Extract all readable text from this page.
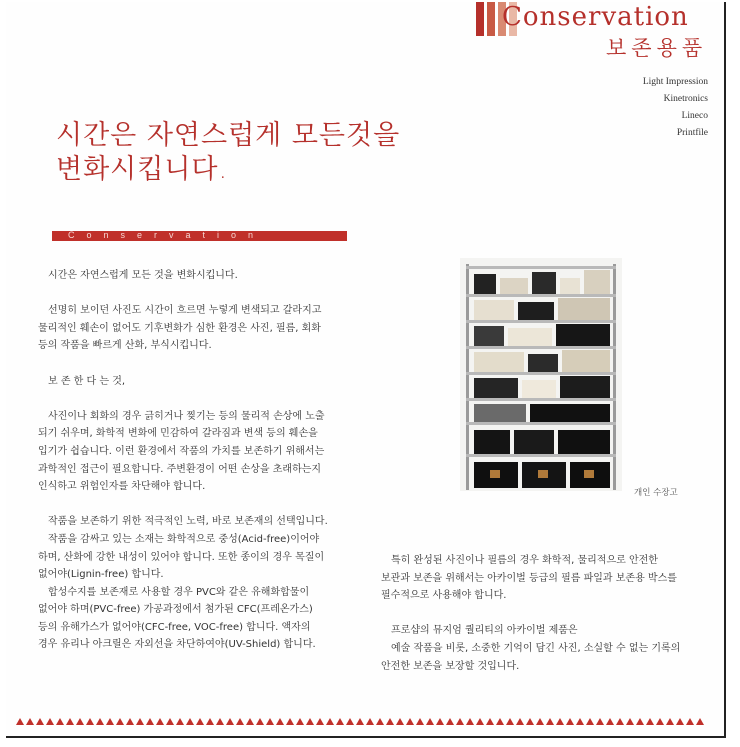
Conservation
보존용품
Light Impression
Kinetronics
Lineco
Printfile
시간은 자연스럽게 모든것을
변화시킵니다.
Conservation

시간은 자연스럽게 모든 것을 변화시킵니다.

선명히 보이던 사진도 시간이 흐르면 누렇게 변색되고 갈라지고

물리적인 훼손이 없어도 기후변화가 심한 환경은 사진, 필름, 회화

등의 작품을 빠르게 산화, 부식시킵니다.

보 존 한 다 는 것,

사진이나 회화의 경우 긁히거나 찢기는 등의 물리적 손상에 노출

되기 쉬우며, 화학적 변화에 민감하여 갈라짐과 변색 등의 훼손을

입기가 쉽습니다. 이런 환경에서 작품의 가치를 보존하기 위해서는

과학적인 접근이 필요합니다. 주변환경이 어떤 손상을 초래하는지

인식하고 위험인자를 차단해야 합니다.

작품을 보존하기 위한 적극적인 노력, 바로 보존재의 선택입니다.

작품을 감싸고 있는 소재는 화학적으로 중성(Acid-free)이어야

하며, 산화에 강한 내성이 있어야 합니다. 또한 종이의 경우 목질이

없어야(Lignin-free) 합니다.

합성수지를 보존재로 사용할 경우 PVC와 같은 유해화합물이

없어야 하며(PVC-free) 가공과정에서 첨가된 CFC(프레온가스)

등의 유해가스가 없어야(CFC-free, VOC-free) 합니다. 액자의

경우 유리나 아크릴은 자외선을 차단하여야(UV-Shield) 합니다.

개인 수장고

특히 완성된 사진이나 필름의 경우 화학적, 물리적으로 안전한

보관과 보존을 위해서는 아카이벌 등급의 필름 파일과 보존용 박스를

필수적으로 사용해야 합니다.

프로샵의 뮤지엄 퀄리티의 아카이벌 제품은

예술 작품을 비롯, 소중한 기억이 담긴 사진, 소실할 수 없는 기록의

안전한 보존을 보장할 것입니다.
